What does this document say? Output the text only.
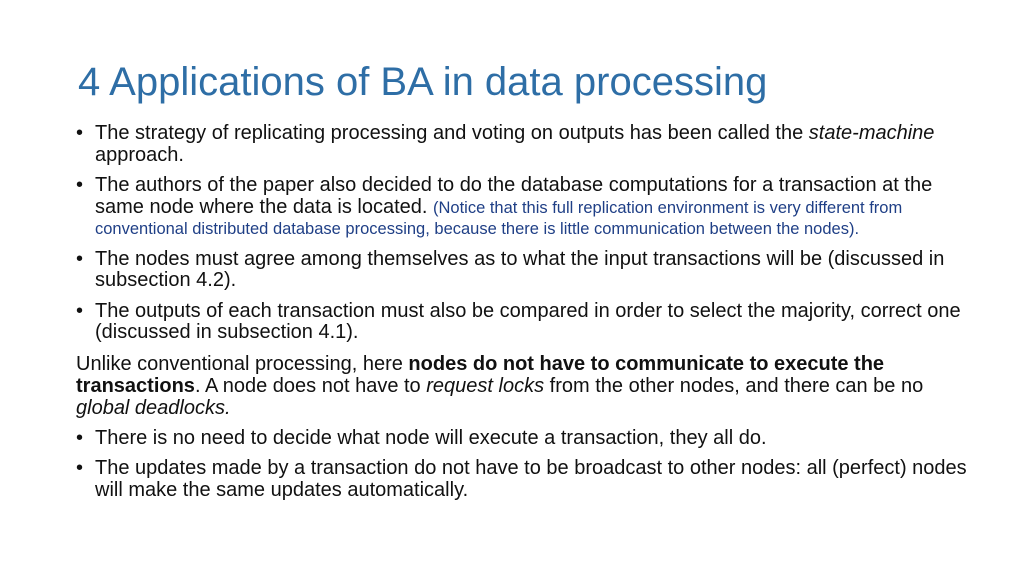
4 Applications of BA in data processing
• The strategy of replicating processing and voting on outputs has been called the state-machine approach.
• The authors of the paper also decided to do the database computations for a transaction at the same node where the data is located. (Notice that this full replication environment is very different from conventional distributed database processing, because there is little communication between the nodes).
• The nodes must agree among themselves as to what the input transactions will be (discussed in subsection 4.2).
• The outputs of each transaction must also be compared in order to select the majority, correct one (discussed in subsection 4.1).

Unlike conventional processing, here nodes do not have to communicate to execute the transactions. A node does not have to request locks from the other nodes, and there can be no global deadlocks.

• There is no need to decide what node will execute a transaction, they all do.
• The updates made by a transaction do not have to be broadcast to other nodes: all (perfect) nodes will make the same updates automatically.
